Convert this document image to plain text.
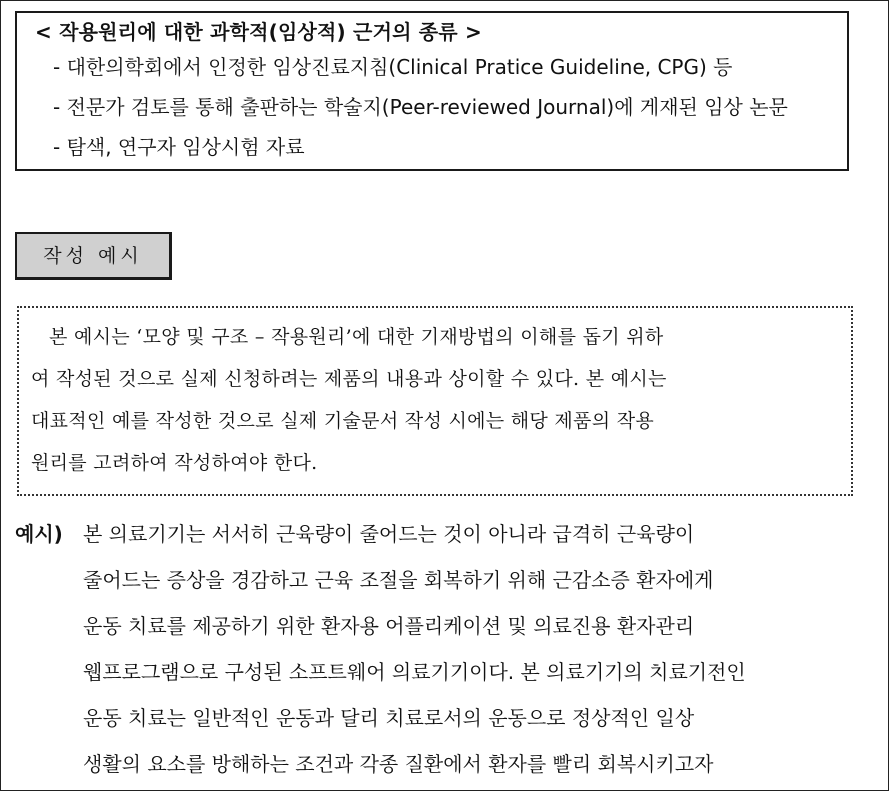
< 작용원리에 대한 과학적(임상적) 근거의 종류 >
- 대한의학회에서 인정한 임상진료지침(Clinical Pratice Guideline, CPG) 등
- 전문가 검토를 통해 출판하는 학술지(Peer-reviewed Journal)에 게재된 임상 논문
- 탐색, 연구자 임상시험 자료
작성 예시
본 예시는 ‘모양 및 구조 – 작용원리’에 대한 기재방법의 이해를 돕기 위하
여 작성된 것으로 실제 신청하려는 제품의 내용과 상이할 수 있다. 본 예시는
대표적인 예를 작성한 것으로 실제 기술문서 작성 시에는 해당 제품의 작용
원리를 고려하여 작성하여야 한다.
예시) 본 의료기기는 서서히 근육량이 줄어드는 것이 아니라 급격히 근육량이
줄어드는 증상을 경감하고 근육 조절을 회복하기 위해 근감소증 환자에게
운동 치료를 제공하기 위한 환자용 어플리케이션 및 의료진용 환자관리
웹프로그램으로 구성된 소프트웨어 의료기기이다. 본 의료기기의 치료기전인
운동 치료는 일반적인 운동과 달리 치료로서의 운동으로 정상적인 일상
생활의 요소를 방해하는 조건과 각종 질환에서 환자를 빨리 회복시키고자
